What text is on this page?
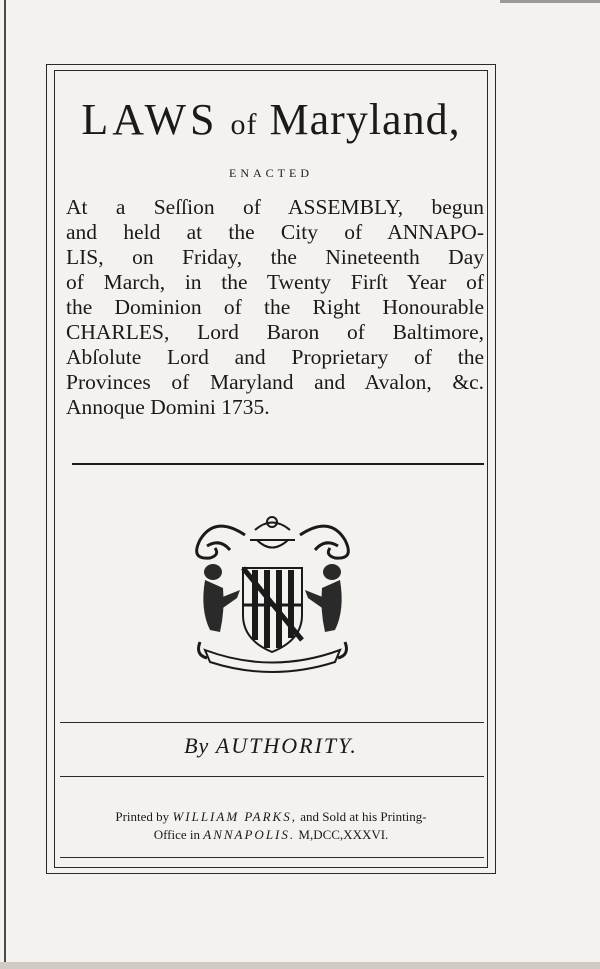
LAWS of Maryland,
ENACTED
At a Seſſion of ASSEMBLY, begun
and held at the City of ANNAPO-
LIS, on Friday, the Nineteenth Day
of March, in the Twenty Firſt Year of
the Dominion of the Right Honourable
CHARLES, Lord Baron of Baltimore,
Abſolute Lord and Proprietary of the
Provinces of Maryland and Avalon, &c.
Annoque Domini 1735.
By AUTHORITY.
Printed by WILLIAM PARKS, and Sold at his Printing-
Office in ANNAPOLIS. M,DCC,XXXVI.
